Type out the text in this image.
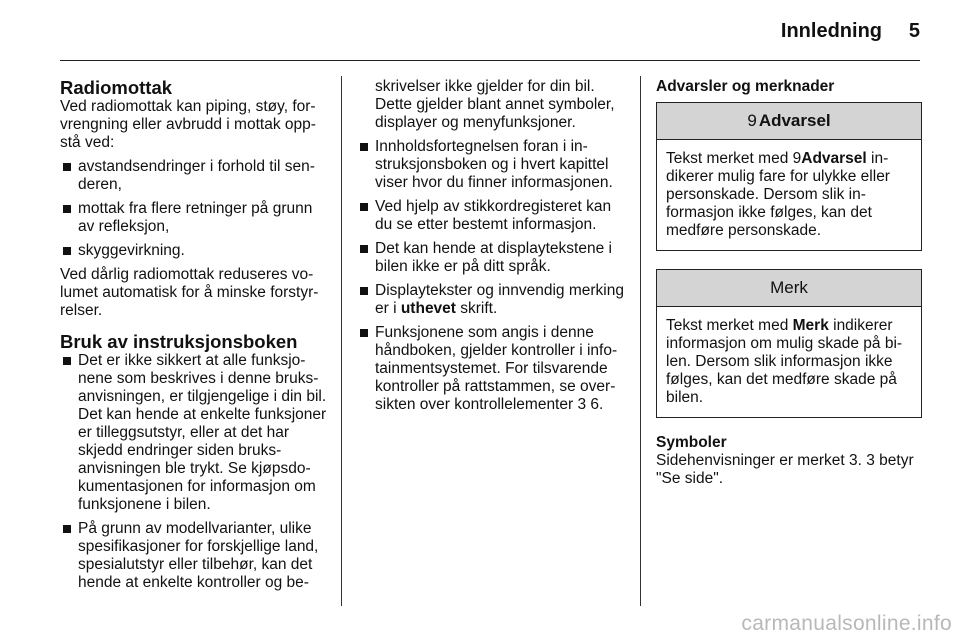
Innledning 5
Radiomottak

Ved radiomottak kan piping, støy, forvrengning eller avbrudd i mottak oppstå ved:

avstandsendringer i forhold til senderen,
mottak fra flere retninger på grunn av refleksjon,
skyggevirkning.

Ved dårlig radiomottak reduseres volumet automatisk for å minske forstyrrelser.

Bruk av instruksjonsboken
Det er ikke sikkert at alle funksjonene som beskrives i denne bruksanvisningen, er tilgjengelige i din bil. Det kan hende at enkelte funksjoner er tilleggsutstyr, eller at det har skjedd endringer siden bruksanvisningen ble trykt. Se kjøpsdokumentasjonen for informasjon om funksjonene i bilen.
På grunn av modellvarianter, ulike spesifikasjoner for forskjellige land, spesialutstyr eller tilbehør, kan det hende at enkelte kontroller og be-

skrivelser ikke gjelder for din bil. Dette gjelder blant annet symboler, displayer og menyfunksjoner.

Innholdsfortegnelsen foran i instruksjonsboken og i hvert kapittel viser hvor du finner informasjonen.
Ved hjelp av stikkordregisteret kan du se etter bestemt informasjon.
Det kan hende at displaytekstene i bilen ikke er på ditt språk.
Displaytekster og innvendig merking er i uthevet skrift.
Funksjonene som angis i denne håndboken, gjelder kontroller i infotainmentsystemet. For tilsvarende kontroller på rattstammen, se oversikten over kontrollelementer 3 6.
Advarsler og merknader
9 Advarsel
Tekst merket med 9Advarsel indikerer mulig fare for ulykke eller personskade. Dersom slik informasjon ikke følges, kan det medføre personskade.
Merk
Tekst merket med Merk indikerer informasjon om mulig skade på bilen. Dersom slik informasjon ikke følges, kan det medføre skade på bilen.
Symboler

Sidehenvisninger er merket 3. 3 betyr "Se side".

carmanualsonline.info
